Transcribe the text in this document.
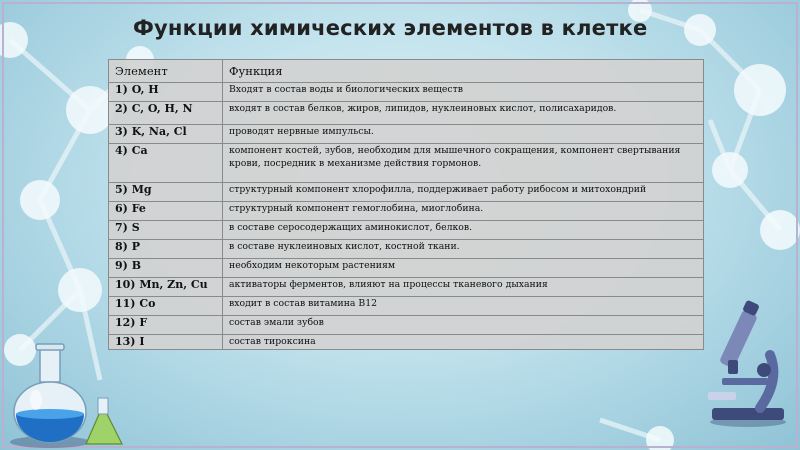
Функции химических элементов в клетке
Элемент	Функция
1) O, H	Входят в состав воды и биологических веществ
2) C, O, H, N	входят в состав белков, жиров, липидов, нуклеиновых кислот, полисахаридов.
3) K, Na, Cl	проводят нервные импульсы.
4) Ca	компонент костей, зубов, необходим для мышечного сокращения, компонент свертывания крови, посредник в механизме действия гормонов.
5) Mg	структурный компонент хлорофилла, поддерживает работу рибосом и митохондрий
6) Fe	структурный компонент гемоглобина, миоглобина.
7) S	в составе серосодержащих аминокислот, белков.
8) P	в составе нуклеиновых кислот, костной ткани.
9) B	необходим некоторым растениям
10) Mn, Zn, Cu	активаторы ферментов, влияют на процессы тканевого дыхания
11) Co	входит в состав витамина В12
12) F	состав эмали зубов
13) I	состав тироксина
